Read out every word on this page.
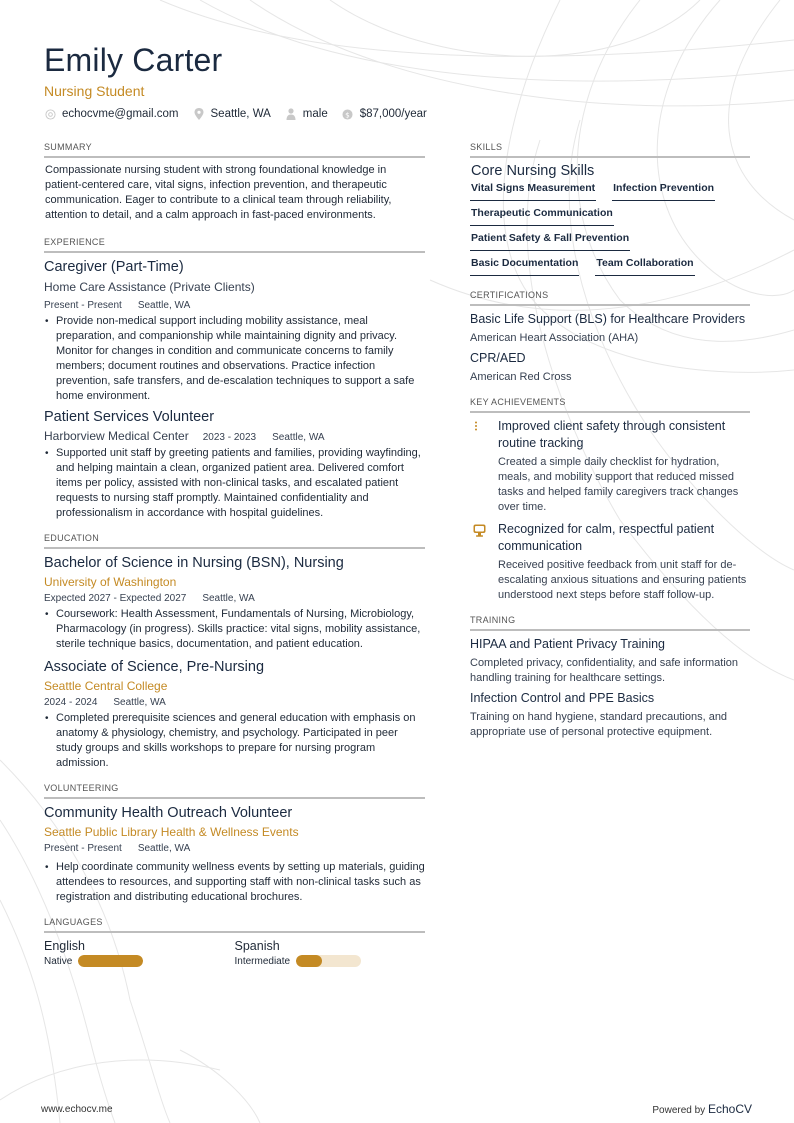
Emily Carter
Nursing Student
echocvme@gmail.com	Seattle, WA	male $ $87,000/year
SUMMARY
Compassionate nursing student with strong foundational knowledge in patient-centered care, vital signs, infection prevention, and therapeutic communication. Eager to contribute to a clinical team through reliability, attention to detail, and a calm approach in fast-paced environments.
EXPERIENCE
Caregiver (Part-Time)
Home Care Assistance (Private Clients)
Present - Present Seattle, WA
• Provide non-medical support including mobility assistance, meal preparation, and companionship while maintaining dignity and privacy. Monitor for changes in condition and communicate concerns to family members; document routines and observations. Practice infection prevention, safe transfers, and de-escalation techniques to support a safe home environment.
Patient Services Volunteer
Harborview Medical Center 2023 - 2023 Seattle, WA
• Supported unit staff by greeting patients and families, providing wayfinding, and helping maintain a clean, organized patient area. Delivered comfort items per policy, assisted with non-clinical tasks, and escalated patient requests to nursing staff promptly. Maintained confidentiality and professionalism in accordance with hospital guidelines.
EDUCATION
Bachelor of Science in Nursing (BSN), Nursing
University of Washington
Expected 2027 - Expected 2027 Seattle, WA
• Coursework: Health Assessment, Fundamentals of Nursing, Microbiology, Pharmacology (in progress). Skills practice: vital signs, mobility assistance, sterile technique basics, documentation, and patient education.
Associate of Science, Pre-Nursing
Seattle Central College
2024 - 2024 Seattle, WA
• Completed prerequisite sciences and general education with emphasis on anatomy & physiology, chemistry, and psychology. Participated in peer study groups and skills workshops to prepare for nursing program admission.
VOLUNTEERING
Community Health Outreach Volunteer
Seattle Public Library Health & Wellness Events
Present - Present Seattle, WA
• Help coordinate community wellness events by setting up materials, guiding attendees to resources, and supporting staff with non-clinical tasks such as registration and distributing educational brochures.
LANGUAGES
English
Native
Spanish
Intermediate
SKILLS
Core Nursing Skills
Vital Signs Measurement Infection Prevention
Therapeutic Communication
Patient Safety & Fall Prevention
Basic Documentation Team Collaboration
CERTIFICATIONS
Basic Life Support (BLS) for Healthcare Providers
American Heart Association (AHA)
CPR/AED
American Red Cross
KEY ACHIEVEMENTS
Improved client safety through consistent routine tracking
Created a simple daily checklist for hydration, meals, and mobility support that reduced missed tasks and helped family caregivers track changes over time.
Recognized for calm, respectful patient communication
Received positive feedback from unit staff for de-escalating anxious situations and ensuring patients understood next steps before staff follow-up.
TRAINING
HIPAA and Patient Privacy Training
Completed privacy, confidentiality, and safe information handling training for healthcare settings.
Infection Control and PPE Basics
Training on hand hygiene, standard precautions, and appropriate use of personal protective equipment.
www.echocv.me	Powered by EchoCV
